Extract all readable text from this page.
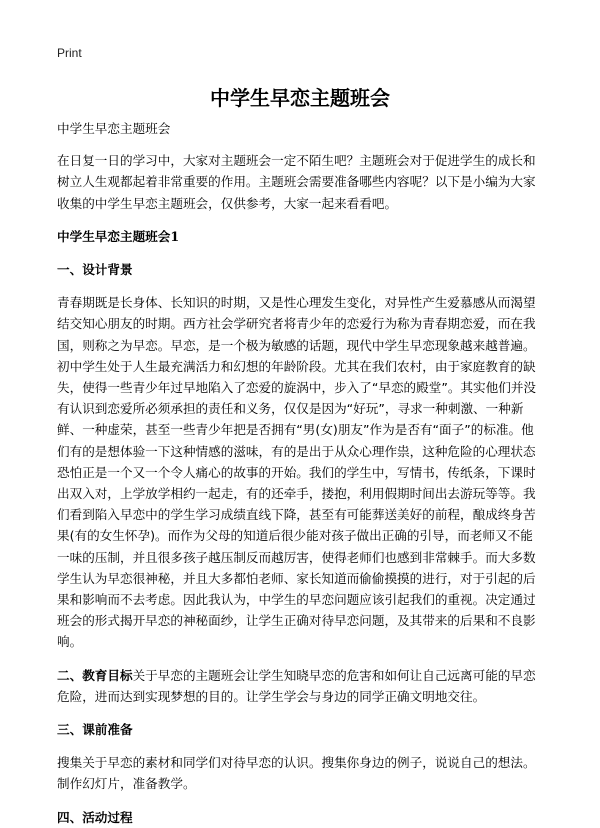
Print
中学生早恋主题班会

中学生早恋主题班会

在日复一日的学习中，大家对主题班会一定不陌生吧？主题班会对于促进学生的成长和树立人生观都起着非常重要的作用。主题班会需要准备哪些内容呢？以下是小编为大家收集的中学生早恋主题班会，仅供参考，大家一起来看看吧。

中学生早恋主题班会1

一、设计背景

青春期既是长身体、长知识的时期，又是性心理发生变化，对异性产生爱慕感从而渴望结交知心朋友的时期。西方社会学研究者将青少年的恋爱行为称为青春期恋爱，而在我国，则称之为早恋。早恋，是一个极为敏感的话题，现代中学生早恋现象越来越普遍。初中学生处于人生最充满活力和幻想的年龄阶段。尤其在我们农村，由于家庭教育的缺失，使得一些青少年过早地陷入了恋爱的旋涡中，步入了“早恋的殿堂”。其实他们并没有认识到恋爱所必须承担的责任和义务，仅仅是因为“好玩”，寻求一种刺激、一种新鲜、一种虚荣，甚至一些青少年把是否拥有“男(女)朋友”作为是否有“面子”的标准。他们有的是想体验一下这种情感的滋味，有的是出于从众心理作祟，这种危险的心理状态恐怕正是一个又一个令人痛心的故事的开始。我们的学生中，写情书，传纸条，下课时出双入对，上学放学相约一起走，有的还牵手，搂抱，利用假期时间出去游玩等等。我们看到陷入早恋中的学生学习成绩直线下降，甚至有可能葬送美好的前程，酿成终身苦果(有的女生怀孕)。而作为父母的知道后很少能对孩子做出正确的引导，而老师又不能一味的压制，并且很多孩子越压制反而越厉害，使得老师们也感到非常棘手。而大多数学生认为早恋很神秘，并且大多都怕老师、家长知道而偷偷摸摸的进行，对于引起的后果和影响而不去考虑。因此我认为，中学生的早恋问题应该引起我们的重视。决定通过班会的形式揭开早恋的神秘面纱，让学生正确对待早恋问题，及其带来的后果和不良影响。

二、教育目标关于早恋的主题班会让学生知晓早恋的危害和如何让自己远离可能的早恋危险，进而达到实现梦想的目的。让学生学会与身边的同学正确文明地交往。

三、课前准备

搜集关于早恋的素材和同学们对待早恋的认识。搜集你身边的例子，说说自己的想法。制作幻灯片，准备教学。

四、活动过程
